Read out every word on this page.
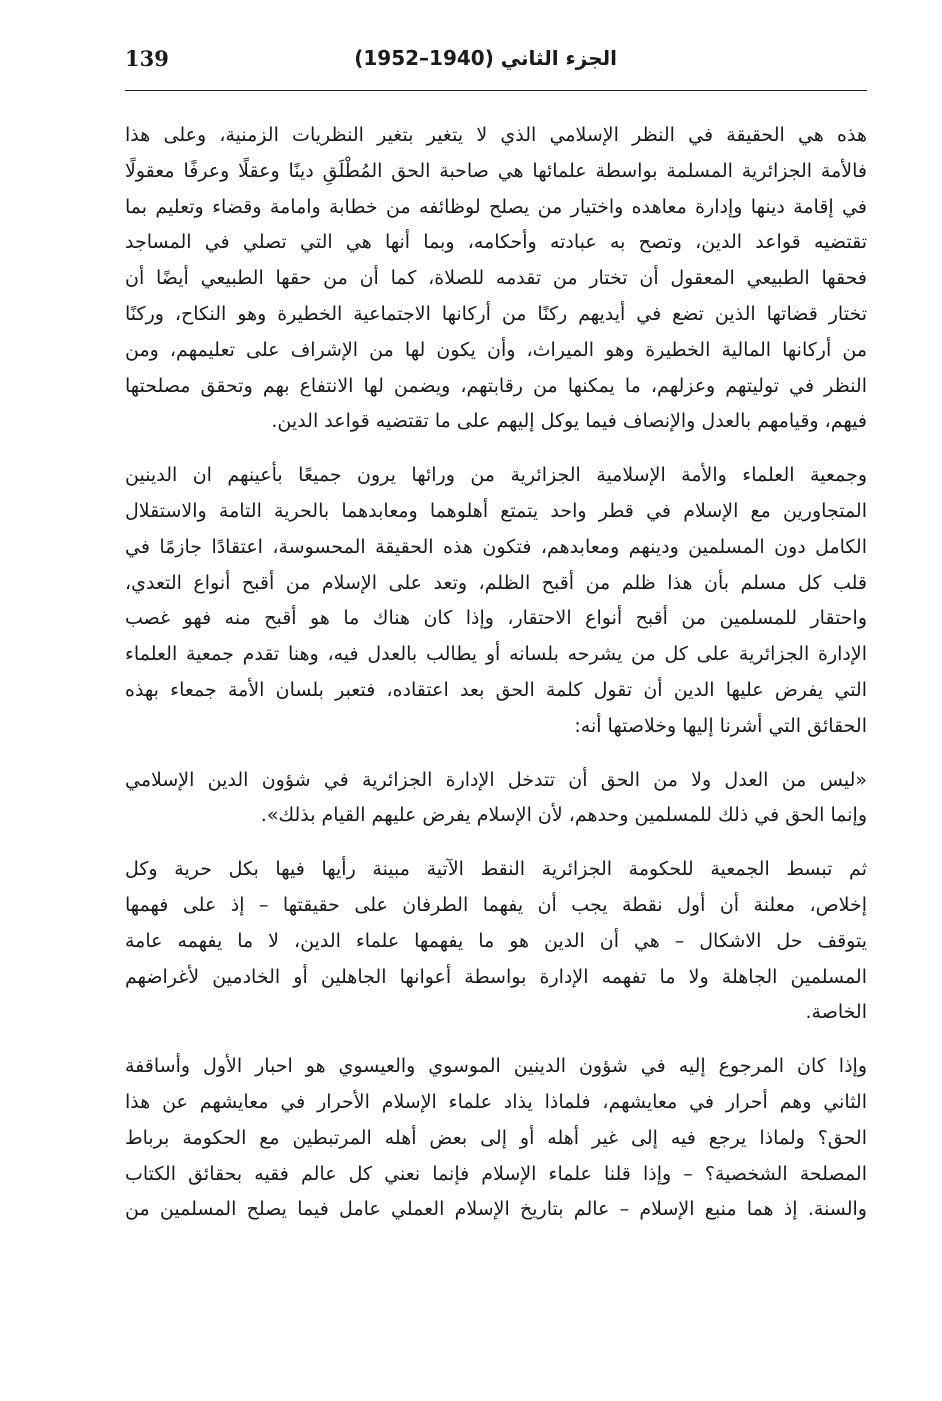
139	الجزء الثاني (1940–1952)
هذه هي الحقيقة في النظر الإسلامي الذي لا يتغير بتغير النظريات الزمنية، وعلى هذا
فالأمة الجزائرية المسلمة بواسطة علمائها هي صاحبة الحق المُطْلَقِ دينًا وعقلًا وعرفًا معقولًا
في إقامة دينها وإدارة معاهده واختيار من يصلح لوظائفه من خطابة وامامة وقضاء وتعليم بما
تقتضيه قواعد الدين، وتصح به عبادته وأحكامه، وبما أنها هي التي تصلي في المساجد
فحقها الطبيعي المعقول أن تختار من تقدمه للصلاة، كما أن من حقها الطبيعي أيضًا أن
تختار قضاتها الذين تضع في أيديهم ركنًا من أركانها الاجتماعية الخطيرة وهو النكاح، وركنًا
من أركانها المالية الخطيرة وهو الميراث، وأن يكون لها من الإشراف على تعليمهم، ومن
النظر في توليتهم وعزلهم، ما يمكنها من رقابتهم، ويضمن لها الانتفاع بهم وتحقق مصلحتها
فيهم، وقيامهم بالعدل والإنصاف فيما يوكل إليهم على ما تقتضيه قواعد الدين.
وجمعية العلماء والأمة الإسلامية الجزائرية من ورائها يرون جميعًا بأعينهم ان الدينين
المتجاورين مع الإسلام في قطر واحد يتمتع أهلوهما ومعابدهما بالحرية التامة والاستقلال
الكامل دون المسلمين ودينهم ومعابدهم، فتكون هذه الحقيقة المحسوسة، اعتقادًا جازمًا في
قلب كل مسلم بأن هذا ظلم من أقبح الظلم، وتعد على الإسلام من أقبح أنواع التعدي،
واحتقار للمسلمين من أقبح أنواع الاحتقار، وإذا كان هناك ما هو أقبح منه فهو غصب
الإدارة الجزائرية على كل من يشرحه بلسانه أو يطالب بالعدل فيه، وهنا تقدم جمعية العلماء
التي يفرض عليها الدين أن تقول كلمة الحق بعد اعتقاده، فتعبر بلسان الأمة جمعاء بهذه
الحقائق التي أشرنا إليها وخلاصتها أنه:
«ليس من العدل ولا من الحق أن تتدخل الإدارة الجزائرية في شؤون الدين الإسلامي
وإنما الحق في ذلك للمسلمين وحدهم، لأن الإسلام يفرض عليهم القيام بذلك».
ثم تبسط الجمعية للحكومة الجزائرية النقط الآتية مبينة رأيها فيها بكل حرية وكل
إخلاص، معلنة أن أول نقطة يجب أن يفهما الطرفان على حقيقتها – إذ على فهمها
يتوقف حل الاشكال – هي أن الدين هو ما يفهمها علماء الدين، لا ما يفهمه عامة
المسلمين الجاهلة ولا ما تفهمه الإدارة بواسطة أعوانها الجاهلين أو الخادمين لأغراضهم
الخاصة.
وإذا كان المرجوع إليه في شؤون الدينين الموسوي والعيسوي هو احبار الأول وأساقفة
الثاني وهم أحرار في معايشهم، فلماذا يذاد علماء الإسلام الأحرار في معايشهم عن هذا
الحق؟ ولماذا يرجع فيه إلى غير أهله أو إلى بعض أهله المرتبطين مع الحكومة برباط
المصلحة الشخصية؟ – وإذا قلنا علماء الإسلام فإنما نعني كل عالم فقيه بحقائق الكتاب
والسنة. إذ هما منبع الإسلام – عالم بتاريخ الإسلام العملي عامل فيما يصلح المسلمين من
